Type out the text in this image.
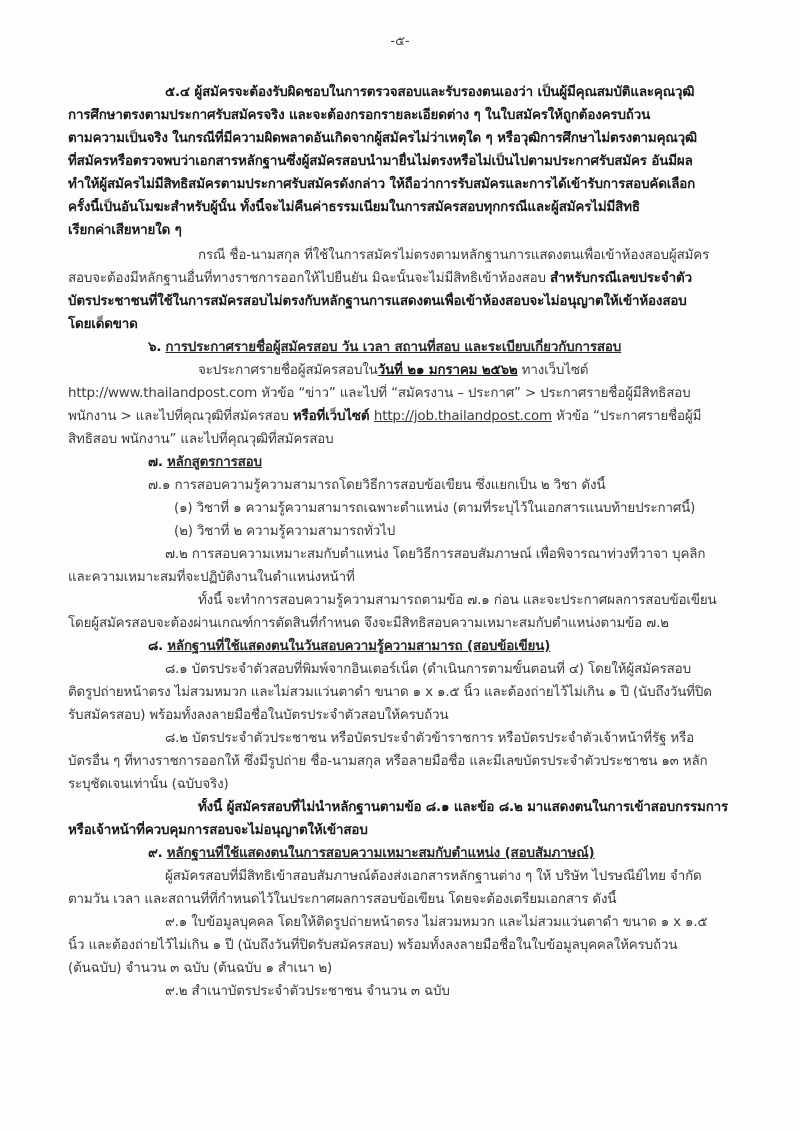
-๕-
๕.๔ ผู้สมัครจะต้องรับผิดชอบในการตรวจสอบและรับรองตนเองว่า เป็นผู้มีคุณสมบัติและคุณวุฒิ
การศึกษาตรงตามประกาศรับสมัครจริง และจะต้องกรอกรายละเอียดต่าง ๆ ในใบสมัครให้ถูกต้องครบถ้วน
ตามความเป็นจริง ในกรณีที่มีความผิดพลาดอันเกิดจากผู้สมัครไม่ว่าเหตุใด ๆ หรือวุฒิการศึกษาไม่ตรงตามคุณวุฒิ
ที่สมัครหรือตรวจพบว่าเอกสารหลักฐานซึ่งผู้สมัครสอบนำมายื่นไม่ตรงหรือไม่เป็นไปตามประกาศรับสมัคร อันมีผล
ทำให้ผู้สมัครไม่มีสิทธิสมัครตามประกาศรับสมัครดังกล่าว ให้ถือว่าการรับสมัครและการได้เข้ารับการสอบคัดเลือก
ครั้งนี้เป็นอันโมฆะสำหรับผู้นั้น ทั้งนี้จะไม่คืนค่าธรรมเนียมในการสมัครสอบทุกกรณีและผู้สมัครไม่มีสิทธิ
เรียกค่าเสียหายใด ๆ
กรณี ชื่อ-นามสกุล ที่ใช้ในการสมัครไม่ตรงตามหลักฐานการแสดงตนเพื่อเข้าห้องสอบผู้สมัคร
สอบจะต้องมีหลักฐานอื่นที่ทางราชการออกให้ไปยืนยัน มิฉะนั้นจะไม่มีสิทธิเข้าห้องสอบ สำหรับกรณีเลขประจำตัว
บัตรประชาชนที่ใช้ในการสมัครสอบไม่ตรงกับหลักฐานการแสดงตนเพื่อเข้าห้องสอบจะไม่อนุญาตให้เข้าห้องสอบ
โดยเด็ดขาด
๖. การประกาศรายชื่อผู้สมัครสอบ วัน เวลา สถานที่สอบ และระเบียบเกี่ยวกับการสอบ
จะประกาศรายชื่อผู้สมัครสอบในวันที่ ๒๑ มกราคม ๒๕๖๒ ทางเว็บไซต์
http://www.thailandpost.com หัวข้อ “ข่าว” และไปที่ “สมัครงาน – ประกาศ” > ประกาศรายชื่อผู้มีสิทธิสอบ
พนักงาน > และไปที่คุณวุฒิที่สมัครสอบ หรือที่เว็บไซต์ http://job.thailandpost.com หัวข้อ “ประกาศรายชื่อผู้มี
สิทธิสอบ พนักงาน” และไปที่คุณวุฒิที่สมัครสอบ
๗. หลักสูตรการสอบ
๗.๑ การสอบความรู้ความสามารถโดยวิธีการสอบข้อเขียน ซึ่งแยกเป็น ๒ วิชา ดังนี้
(๑) วิชาที่ ๑ ความรู้ความสามารถเฉพาะตำแหน่ง (ตามที่ระบุไว้ในเอกสารแนบท้ายประกาศนี้)
(๒) วิชาที่ ๒ ความรู้ความสามารถทั่วไป
๗.๒ การสอบความเหมาะสมกับตำแหน่ง โดยวิธีการสอบสัมภาษณ์ เพื่อพิจารณาท่วงทีวาจา บุคลิก
และความเหมาะสมที่จะปฏิบัติงานในตำแหน่งหน้าที่
ทั้งนี้ จะทำการสอบความรู้ความสามารถตามข้อ ๗.๑ ก่อน และจะประกาศผลการสอบข้อเขียน
โดยผู้สมัครสอบจะต้องผ่านเกณฑ์การตัดสินที่กำหนด จึงจะมีสิทธิสอบความเหมาะสมกับตำแหน่งตามข้อ ๗.๒
๘. หลักฐานที่ใช้แสดงตนในวันสอบความรู้ความสามารถ (สอบข้อเขียน)
๘.๑ บัตรประจำตัวสอบที่พิมพ์จากอินเตอร์เน็ต (ดำเนินการตามขั้นตอนที่ ๔) โดยให้ผู้สมัครสอบ
ติดรูปถ่ายหน้าตรง ไม่สวมหมวก และไม่สวมแว่นตาดำ ขนาด ๑ x ๑.๕ นิ้ว และต้องถ่ายไว้ไม่เกิน ๑ ปี (นับถึงวันที่ปิด
รับสมัครสอบ) พร้อมทั้งลงลายมือชื่อในบัตรประจำตัวสอบให้ครบถ้วน
๘.๒ บัตรประจำตัวประชาชน หรือบัตรประจำตัวข้าราชการ หรือบัตรประจำตัวเจ้าหน้าที่รัฐ หรือ
บัตรอื่น ๆ ที่ทางราชการออกให้ ซึ่งมีรูปถ่าย ชื่อ-นามสกุล หรือลายมือชื่อ และมีเลขบัตรประจำตัวประชาชน ๑๓ หลัก
ระบุชัดเจนเท่านั้น (ฉบับจริง)
ทั้งนี้ ผู้สมัครสอบที่ไม่นำหลักฐานตามข้อ ๘.๑ และข้อ ๘.๒ มาแสดงตนในการเข้าสอบกรรมการ
หรือเจ้าหน้าที่ควบคุมการสอบจะไม่อนุญาตให้เข้าสอบ
๙. หลักฐานที่ใช้แสดงตนในการสอบความเหมาะสมกับตำแหน่ง (สอบสัมภาษณ์)
ผู้สมัครสอบที่มีสิทธิเข้าสอบสัมภาษณ์ต้องส่งเอกสารหลักฐานต่าง ๆ ให้ บริษัท ไปรษณีย์ไทย จำกัด
ตามวัน เวลา และสถานที่ที่กำหนดไว้ในประกาศผลการสอบข้อเขียน โดยจะต้องเตรียมเอกสาร ดังนี้
๙.๑ ใบข้อมูลบุคคล โดยให้ติดรูปถ่ายหน้าตรง ไม่สวมหมวก และไม่สวมแว่นตาดำ ขนาด ๑ x ๑.๕
นิ้ว และต้องถ่ายไว้ไม่เกิน ๑ ปี (นับถึงวันที่ปิดรับสมัครสอบ) พร้อมทั้งลงลายมือชื่อในใบข้อมูลบุคคลให้ครบถ้วน
(ต้นฉบับ) จำนวน ๓ ฉบับ (ต้นฉบับ ๑ สำเนา ๒)
๙.๒ สำเนาบัตรประจำตัวประชาชน จำนวน ๓ ฉบับ
